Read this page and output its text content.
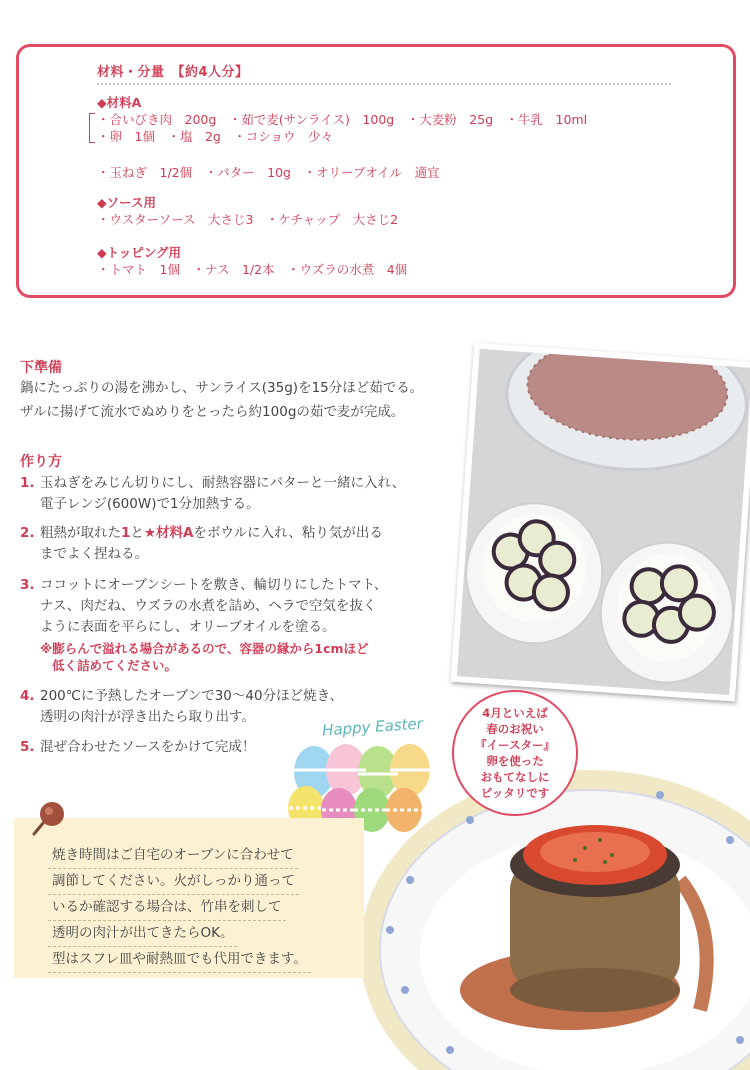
材料・分量　【約4人分】
◆材料A
・合いびき肉　200g　・茹で麦(サンライス)　100g　・大麦粉　25g　・牛乳　10ml
・卵　1個　・塩　2g　・コショウ　少々
・玉ねぎ　1/2個　・バター　10g　・オリーブオイル　適宜
◆ソース用
・ウスターソース　大さじ3　・ケチャップ　大さじ2
◆トッピング用
・トマト　1個　・ナス　1/2本　・ウズラの水煮　4個
下準備
鍋にたっぷりの湯を沸かし、サンライス(35g)を15分ほど茹でる。
ザルに揚げて流水でぬめりをとったら約100gの茹で麦が完成。
作り方
1. 玉ねぎをみじん切りにし、耐熱容器にバターと一緒に入れ、
電子レンジ(600W)で1分加熱する。
2. 粗熱が取れた1と★材料Aをボウルに入れ、粘り気が出る
までよく捏ねる。
3. ココットにオーブンシートを敷き、輪切りにしたトマト、
ナス、肉だね、ウズラの水煮を詰め、ヘラで空気を抜く
ように表面を平らにし、オリーブオイルを塗る。
※膨らんで溢れる場合があるので、容器の縁から1cmほど
低く詰めてください。
4. 200℃に予熱したオーブンで30～40分ほど焼き、
透明の肉汁が浮き出たら取り出す。
5. 混ぜ合わせたソースをかけて完成！
4月といえば
春のお祝い
『イースター』
卵を使った
おもてなしに
ピッタリです
Happy Easter
焼き時間はご自宅のオーブンに合わせて
調節してください。火がしっかり通って
いるか確認する場合は、竹串を刺して
透明の肉汁が出てきたらOK。
型はスフレ皿や耐熱皿でも代用できます。
